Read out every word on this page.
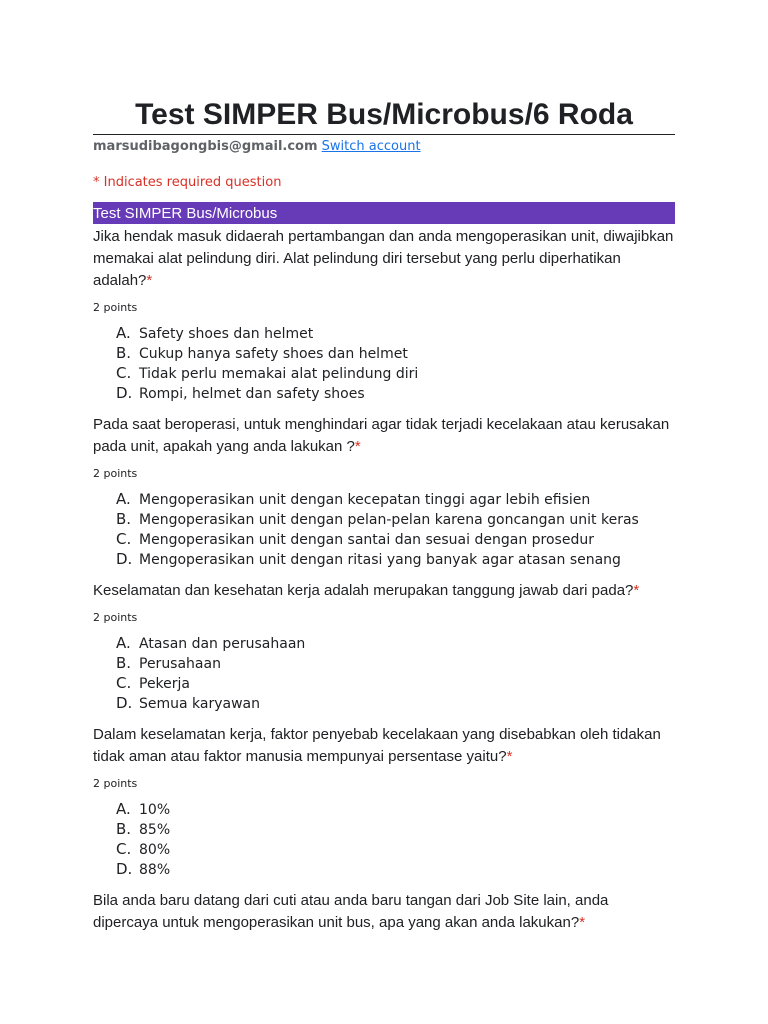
Test SIMPER Bus/Microbus/6 Roda
marsudibagongbis@gmail.com Switch account
* Indicates required question
Test SIMPER Bus/Microbus

Jika hendak masuk didaerah pertambangan dan anda mengoperasikan unit, diwajibkan memakai alat pelindung diri. Alat pelindung diri tersebut yang perlu diperhatikan adalah?*

2 points
A. Safety shoes dan helmet
B. Cukup hanya safety shoes dan helmet
C. Tidak perlu memakai alat pelindung diri
D. Rompi, helmet dan safety shoes

Pada saat beroperasi, untuk menghindari agar tidak terjadi kecelakaan atau kerusakan pada unit, apakah yang anda lakukan ?*

2 points
A. Mengoperasikan unit dengan kecepatan tinggi agar lebih efisien
B. Mengoperasikan unit dengan pelan-pelan karena goncangan unit keras
C. Mengoperasikan unit dengan santai dan sesuai dengan prosedur
D. Mengoperasikan unit dengan ritasi yang banyak agar atasan senang

Keselamatan dan kesehatan kerja adalah merupakan tanggung jawab dari pada?*

2 points
A. Atasan dan perusahaan
B. Perusahaan
C. Pekerja
D. Semua karyawan

Dalam keselamatan kerja, faktor penyebab kecelakaan yang disebabkan oleh tidakan tidak aman atau faktor manusia mempunyai persentase yaitu?*

2 points
A. 10%
B. 85%
C. 80%
D. 88%

Bila anda baru datang dari cuti atau anda baru tangan dari Job Site lain, anda dipercaya untuk mengoperasikan unit bus, apa yang akan anda lakukan?*
